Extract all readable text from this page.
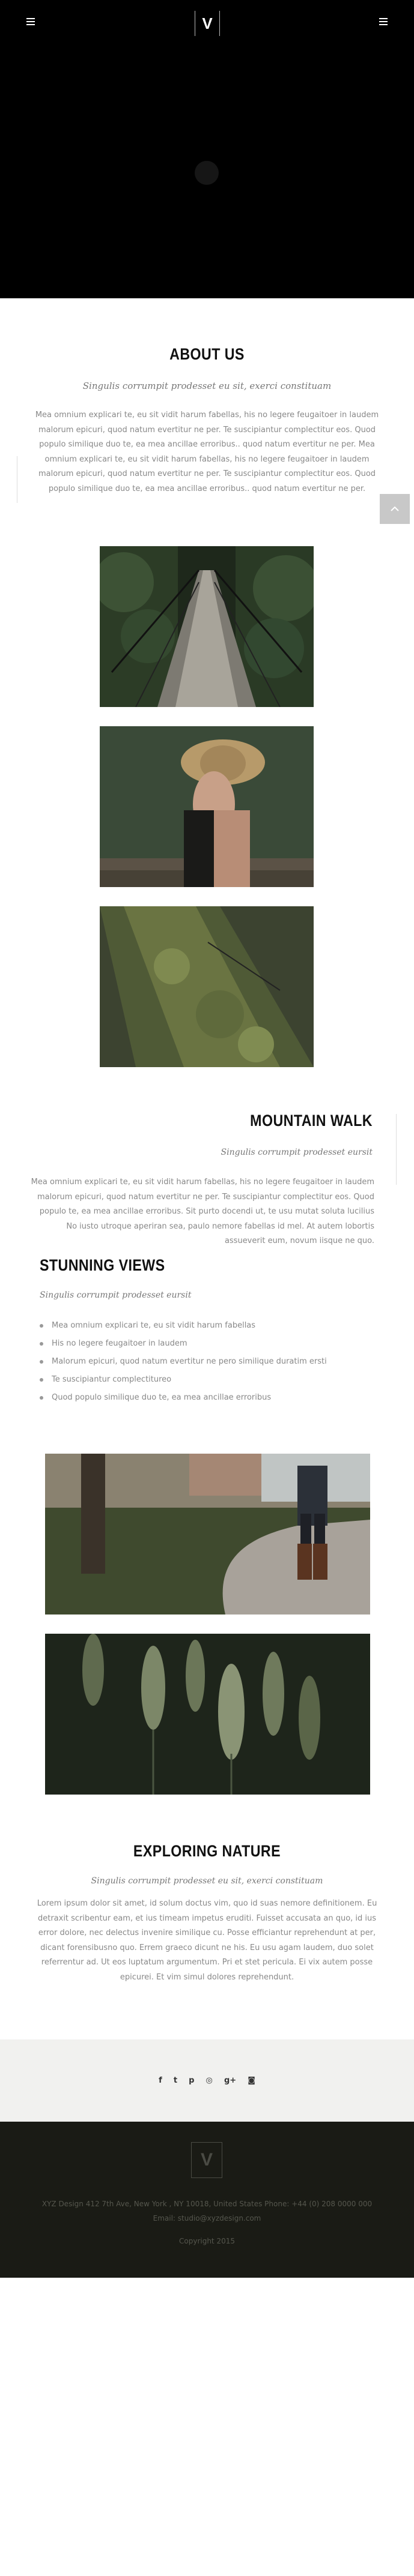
V
ABOUT US

Singulis corrumpit prodesset eu sit, exerci constituam

Mea omnium explicari te, eu sit vidit harum fabellas, his no legere feugaitoer in laudem malorum epicuri, quod natum evertitur ne per. Te suscipiantur complectitur eos. Quod populo similique duo te, ea mea ancillae erroribus.. quod natum evertitur ne per. Mea omnium explicari te, eu sit vidit harum fabellas, his no legere feugaitoer in laudem malorum epicuri, quod natum evertitur ne per. Te suscipiantur complectitur eos. Quod populo similique duo te, ea mea ancillae erroribus.. quod natum evertitur ne per.

MOUNTAIN WALK

Singulis corrumpit prodesset eursit

Mea omnium explicari te, eu sit vidit harum fabellas, his no legere feugaitoer in laudem malorum epicuri, quod natum evertitur ne per. Te suscipiantur complectitur eos. Quod populo te, ea mea ancillae erroribus. Sit purto docendi ut, te usu mutat soluta lucilius No iusto utroque aperiran sea, paulo nemore fabellas id mel. At autem lobortis assueverit eum, novum iisque ne quo.

STUNNING VIEWS

Singulis corrumpit prodesset eursit

Mea omnium explicari te, eu sit vidit harum fabellas
His no legere feugaitoer in laudem
Malorum epicuri, quod natum evertitur ne pero similique duratim ersti
Te suscipiantur complectitureo
Quod populo similique duo te, ea mea ancillae erroribus
EXPLORING NATURE

Singulis corrumpit prodesset eu sit, exerci constituam

Lorem ipsum dolor sit amet, id solum doctus vim, quo id suas nemore definitionem. Eu detraxit scribentur eam, et ius timeam impetus eruditi. Fuisset accusata an quo, id ius error dolore, nec delectus invenire similique cu. Posse efficiantur reprehendunt at per, dicant forensibusno quo. Errem graeco dicunt ne his. Eu usu agam laudem, duo solet referrentur ad. Ut eos luptatum argumentum. Pri et stet pericula. Ei vix autem posse epicurei. Et vim simul dolores reprehendunt.

f t p ◎ g+ ◙
V
XYZ Design 412 7th Ave, New York , NY 10018, United States Phone: +44 (0) 208 0000 000
Email: studio@xyzdesign.com
Copyright 2015
